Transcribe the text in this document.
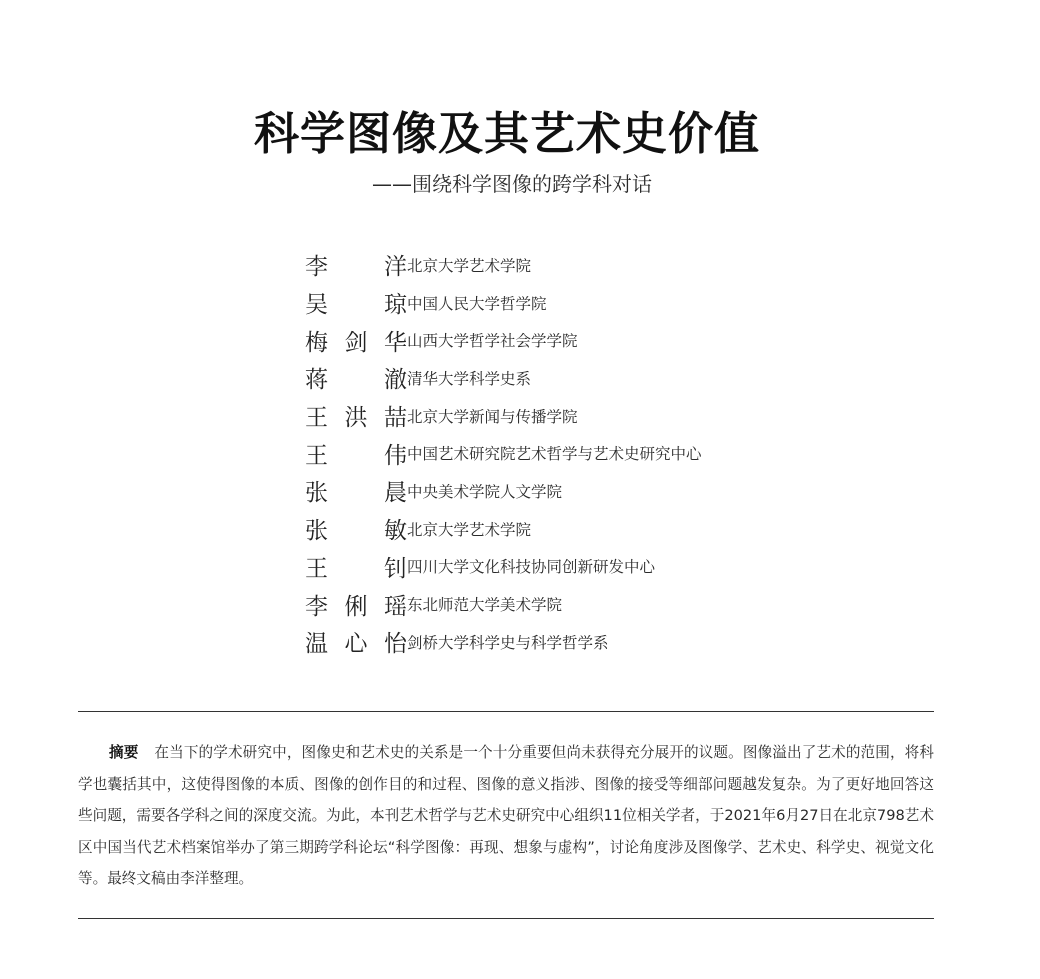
科学图像及其艺术史价值

——围绕科学图像的跨学科对话

李　洋 北京大学艺术学院
吴　琼 中国人民大学哲学院
梅剑华 山西大学哲学社会学学院
蒋　澈 清华大学科学史系
王洪喆 北京大学新闻与传播学院
王　伟 中国艺术研究院艺术哲学与艺术史研究中心
张　晨 中央美术学院人文学院
张　敏 北京大学艺术学院
王　钊 四川大学文化科技协同创新研发中心
李俐瑶 东北师范大学美术学院
温心怡 剑桥大学科学史与科学哲学系

摘要 在当下的学术研究中，图像史和艺术史的关系是一个十分重要但尚未获得充分展开的议题。图像溢出了艺术的范围，将科学也囊括其中，这使得图像的本质、图像的创作目的和过程、图像的意义指涉、图像的接受等细部问题越发复杂。为了更好地回答这些问题，需要各学科之间的深度交流。为此，本刊艺术哲学与艺术史研究中心组织11位相关学者，于2021年6月27日在北京798艺术区中国当代艺术档案馆举办了第三期跨学科论坛“科学图像：再现、想象与虚构”，讨论角度涉及图像学、艺术史、科学史、视觉文化等。最终文稿由李洋整理。
